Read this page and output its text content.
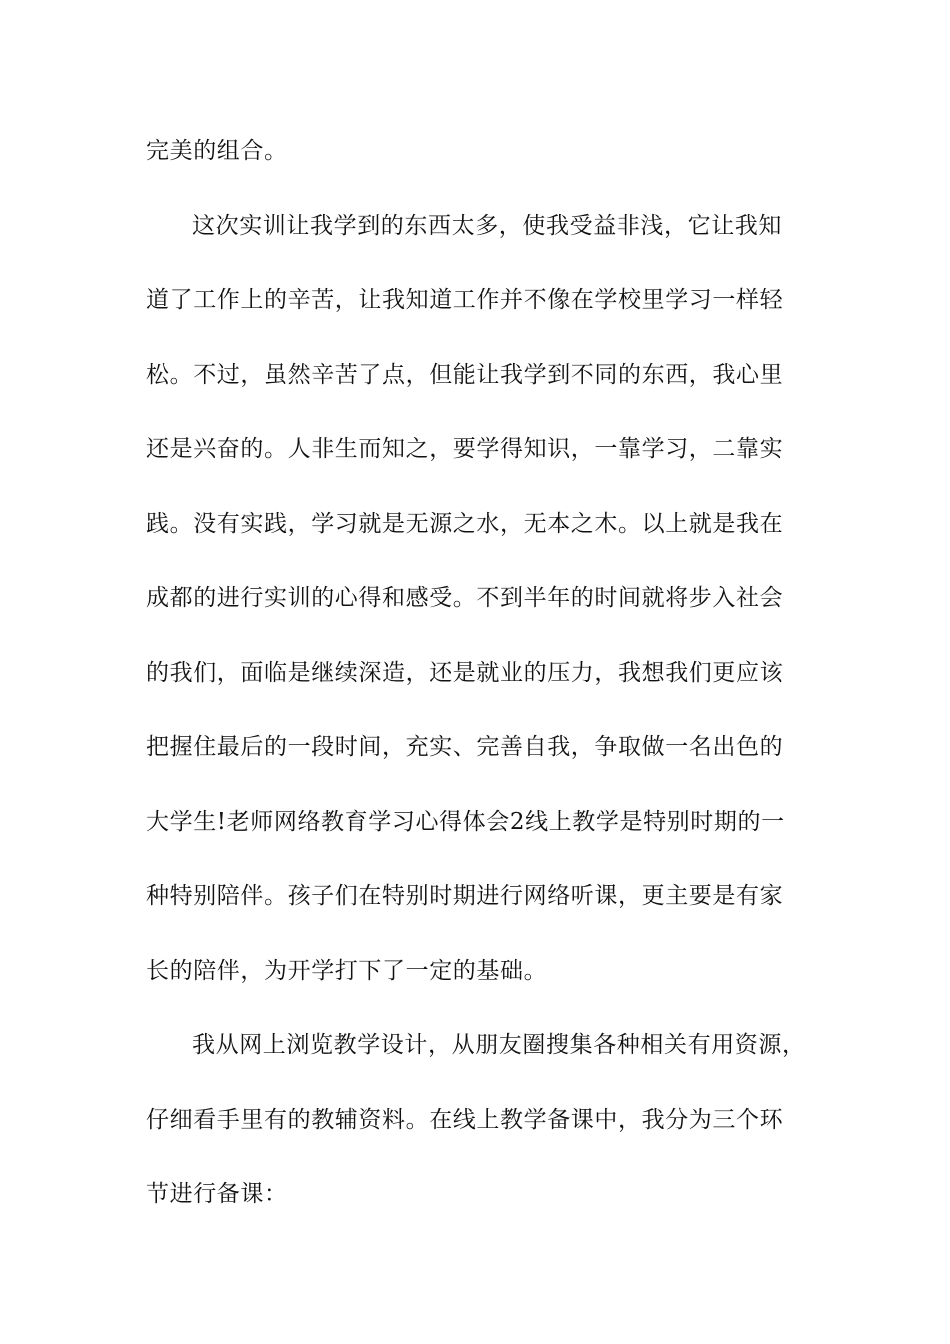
完美的组合。
这次实训让我学到的东西太多，使我受益非浅，它让我知
道了工作上的辛苦，让我知道工作并不像在学校里学习一样轻
松。不过，虽然辛苦了点，但能让我学到不同的东西，我心里
还是兴奋的。人非生而知之，要学得知识，一靠学习，二靠实
践。没有实践，学习就是无源之水，无本之木。以上就是我在
成都的进行实训的心得和感受。不到半年的时间就将步入社会
的我们，面临是继续深造，还是就业的压力，我想我们更应该
把握住最后的一段时间，充实、完善自我，争取做一名出色的
大学生!老师网络教育学习心得体会2线上教学是特别时期的一
种特别陪伴。孩子们在特别时期进行网络听课，更主要是有家
长的陪伴，为开学打下了一定的基础。
我从网上浏览教学设计，从朋友圈搜集各种相关有用资源，
仔细看手里有的教辅资料。在线上教学备课中，我分为三个环
节进行备课：
